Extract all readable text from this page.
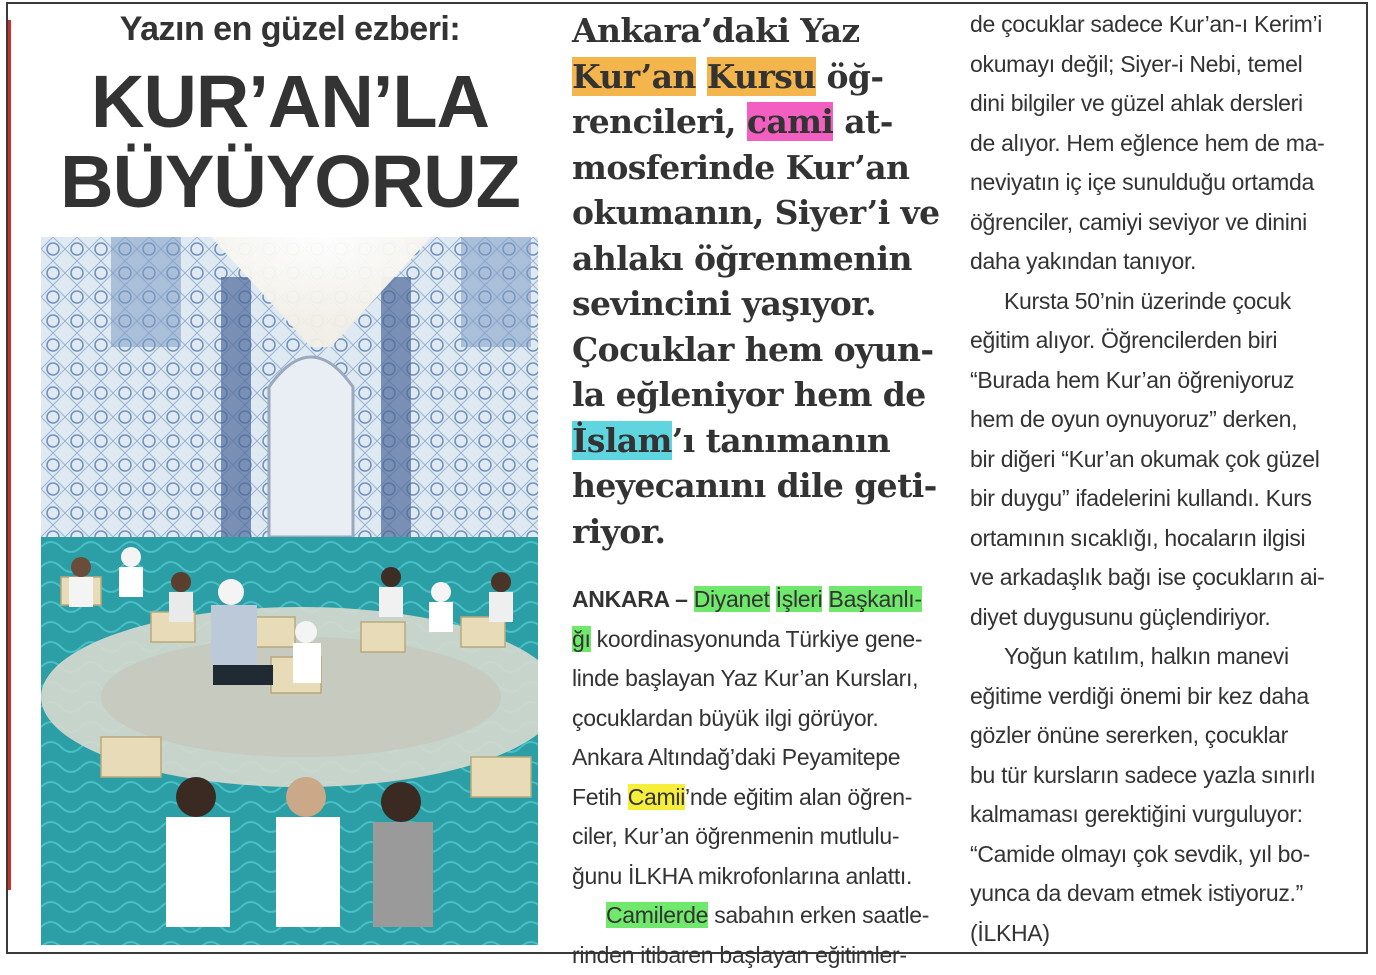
Yazın en güzel ezberi:
KUR’AN’LA
BÜYÜYORUZ
Ankara’daki Yaz
Kur’an Kursu öğ-
rencileri, cami at-
mosferinde Kur’an
okumanın, Siyer’i ve
ahlakı öğrenmenin
sevincini yaşıyor.
Çocuklar hem oyun-
la eğleniyor hem de
İslam’ı tanımanın
heyecanını dile geti-
riyor.
ANKARA – Diyanet İşleri Başkanlı-
ğı koordinasyonunda Türkiye gene-
linde başlayan Yaz Kur’an Kursları,
çocuklardan büyük ilgi görüyor.
Ankara Altındağ’daki Peyamitepe
Fetih Camii’nde eğitim alan öğren-
ciler, Kur’an öğrenmenin mutlulu-
ğunu İLKHA mikrofonlarına anlattı.
Camilerde sabahın erken saatle-
rinden itibaren başlayan eğitimler-
de çocuklar sadece Kur’an-ı Kerim’i
okumayı değil; Siyer-i Nebi, temel
dini bilgiler ve güzel ahlak dersleri
de alıyor. Hem eğlence hem de ma-
neviyatın iç içe sunulduğu ortamda
öğrenciler, camiyi seviyor ve dinini
daha yakından tanıyor.
Kursta 50’nin üzerinde çocuk
eğitim alıyor. Öğrencilerden biri
“Burada hem Kur’an öğreniyoruz
hem de oyun oynuyoruz” derken,
bir diğeri “Kur’an okumak çok güzel
bir duygu” ifadelerini kullandı. Kurs
ortamının sıcaklığı, hocaların ilgisi
ve arkadaşlık bağı ise çocukların ai-
diyet duygusunu güçlendiriyor.
Yoğun katılım, halkın manevi
eğitime verdiği önemi bir kez daha
gözler önüne sererken, çocuklar
bu tür kursların sadece yazla sınırlı
kalmaması gerektiğini vurguluyor:
“Camide olmayı çok sevdik, yıl bo-
yunca da devam etmek istiyoruz.”
(İLKHA)
